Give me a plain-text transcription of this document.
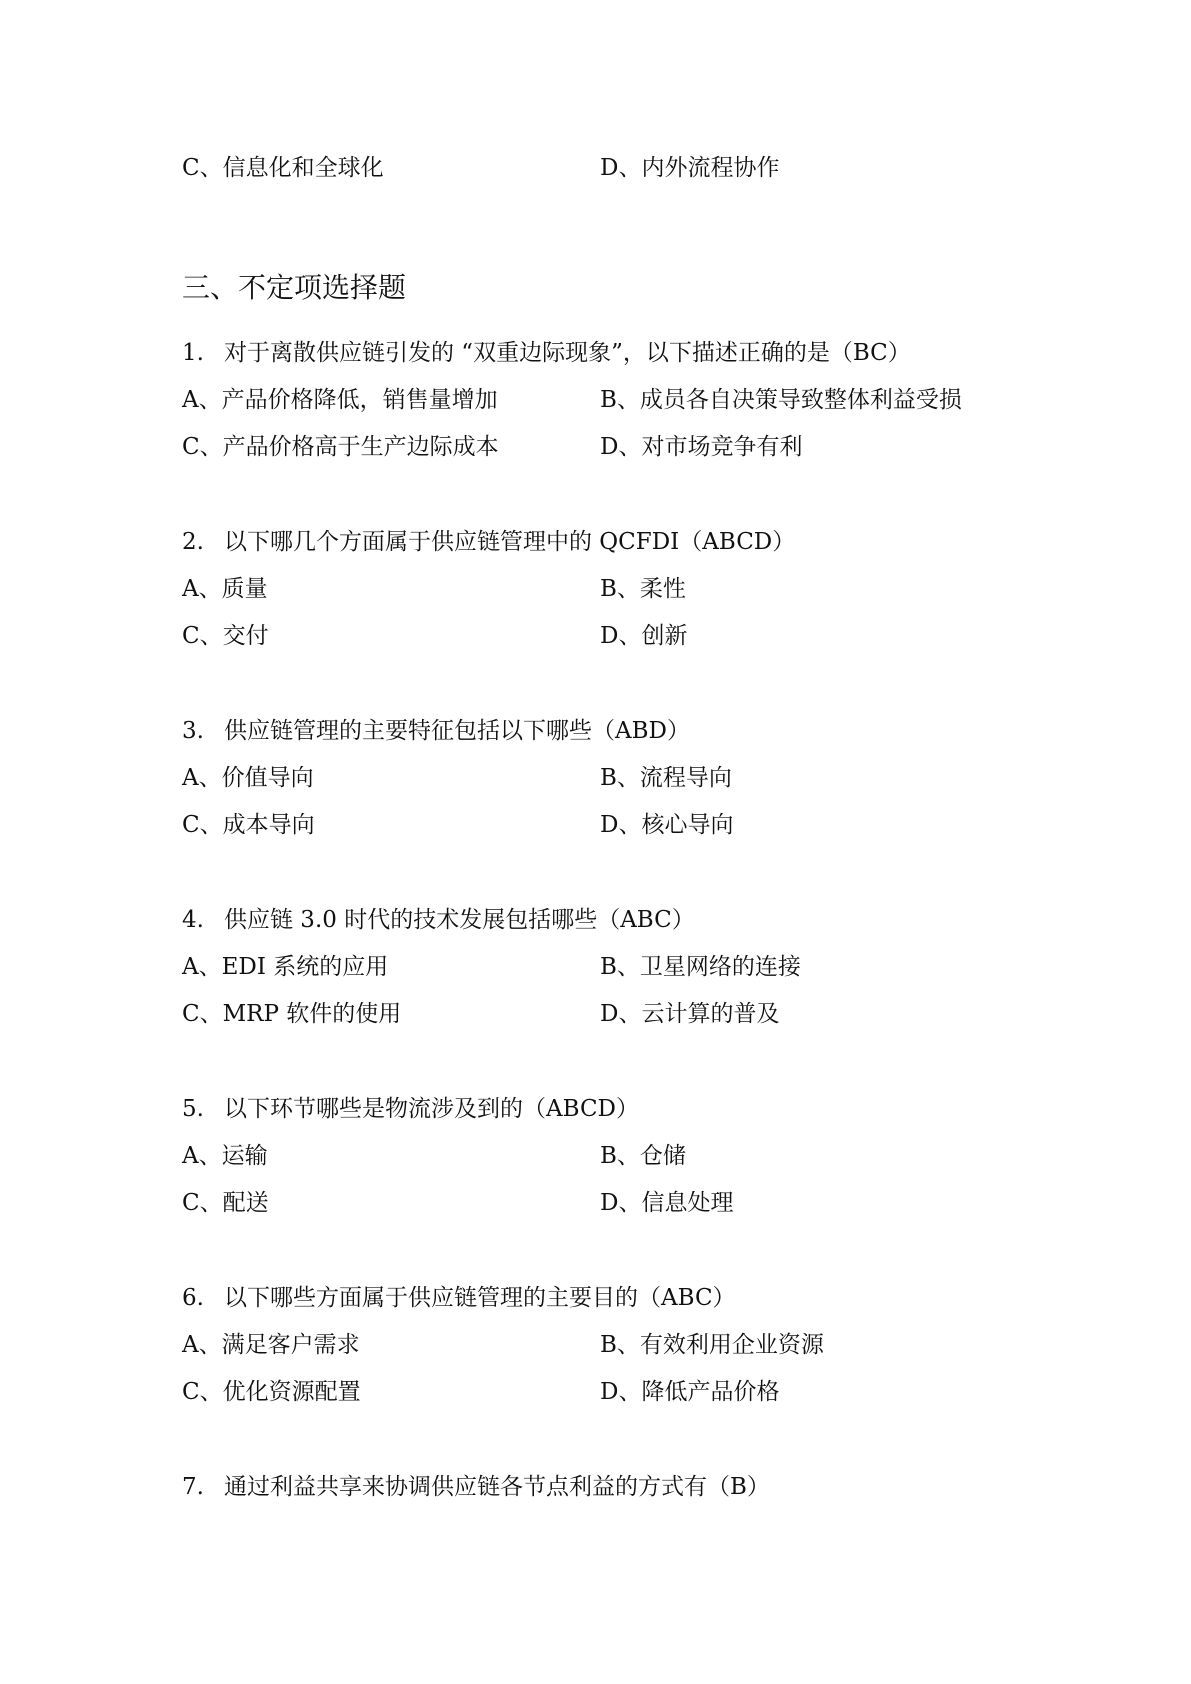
C、信息化和全球化	D、内外流程协作
三、不定项选择题
1. 对于离散供应链引发的 “双重边际现象”，以下描述正确的是（BC）
A、产品价格降低，销售量增加	B、成员各自决策导致整体利益受损
C、产品价格高于生产边际成本	D、对市场竞争有利
2. 以下哪几个方面属于供应链管理中的 QCFDI（ABCD）
A、质量	B、柔性
C、交付	D、创新
3. 供应链管理的主要特征包括以下哪些（ABD）
A、价值导向	B、流程导向
C、成本导向	D、核心导向
4. 供应链 3.0 时代的技术发展包括哪些（ABC）
A、EDI 系统的应用	B、卫星网络的连接
C、MRP 软件的使用	D、云计算的普及
5. 以下环节哪些是物流涉及到的（ABCD）
A、运输	B、仓储
C、配送	D、信息处理
6. 以下哪些方面属于供应链管理的主要目的（ABC）
A、满足客户需求	B、有效利用企业资源
C、优化资源配置	D、降低产品价格
7. 通过利益共享来协调供应链各节点利益的方式有（B）
